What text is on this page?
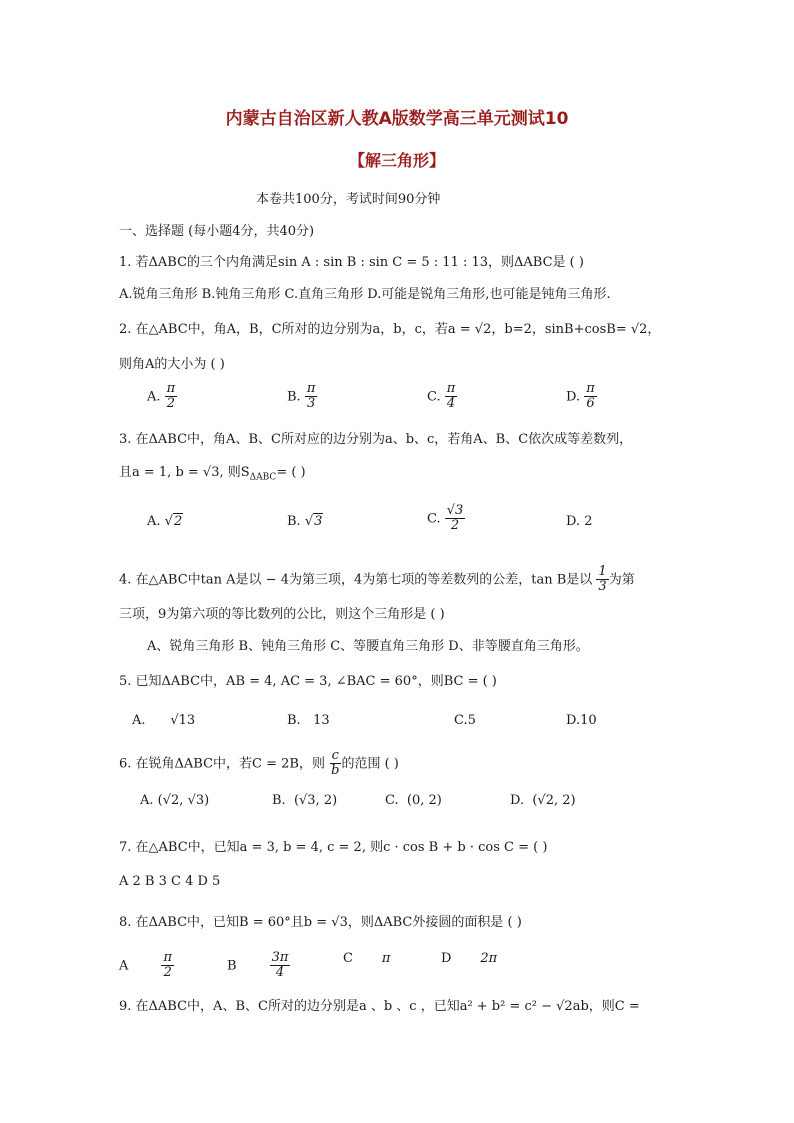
内蒙古自治区新人教A版数学高三单元测试10
【解三角形】
本卷共100分，考试时间90分钟
一、选择题 (每小题4分，共40分)
1. 若ΔABC的三个内角满足sin A : sin B : sin C = 5 : 11 : 13，则ΔABC是 ( )
A.锐角三角形 B.钝角三角形 C.直角三角形 D.可能是锐角三角形,也可能是钝角三角形.
2. 在△ABC中，角A，B，C所对的边分别为a，b，c，若a = √2，b=2，sinB+cosB= √2，
则角A的大小为 ( )
A. $\frac{\pi}{2}$	B. $\frac{\pi}{3}$	C. $\frac{\pi}{4}$	D. $\frac{\pi}{6}$
3. 在ΔABC中，角A、B、C所对应的边分别为a、b、c，若角A、B、C依次成等差数列，
且a = 1, b = √3, 则$S_{\Delta ABC}=$ ( )
A. √2	B. √3	C. $\frac{√3}{2}$	D. 2
4. 在△ABC中tan A是以 − 4为第三项，4为第七项的等差数列的公差，tan B是以 $\frac{1}{3}$ 为第
三项，9为第六项的等比数列的公比，则这个三角形是 ( )
A、锐角三角形 B、钝角三角形 C、等腰直角三角形 D、非等腰直角三角形。
5. 已知ΔABC中，AB = 4, AC = 3, ∠BAC = 60°，则BC = ( )
A. √13	B. 13	C.5	D.10
6. 在锐角ΔABC中，若C = 2B，则 $\frac{c}{b}$ 的范围 ( )
A. (√2, √3)	B. (√3, 2)	C. (0, 2)	D. (√2, 2)
7. 在△ABC中，已知a = 3, b = 4, c = 2, 则c · cos B + b · cos C = ( )
A 2 B 3 C 4 D 5
8. 在ΔABC中，已知B = 60°且b = √3，则ΔABC外接圆的面积是 ( )
A	$\frac{\pi}{2}$	B	$\frac{3\pi}{4}$	C π	D 2π
9. 在ΔABC中，A、B、C所对的边分别是a 、b 、c ，已知a² + b² = c² − √2ab，则C =
